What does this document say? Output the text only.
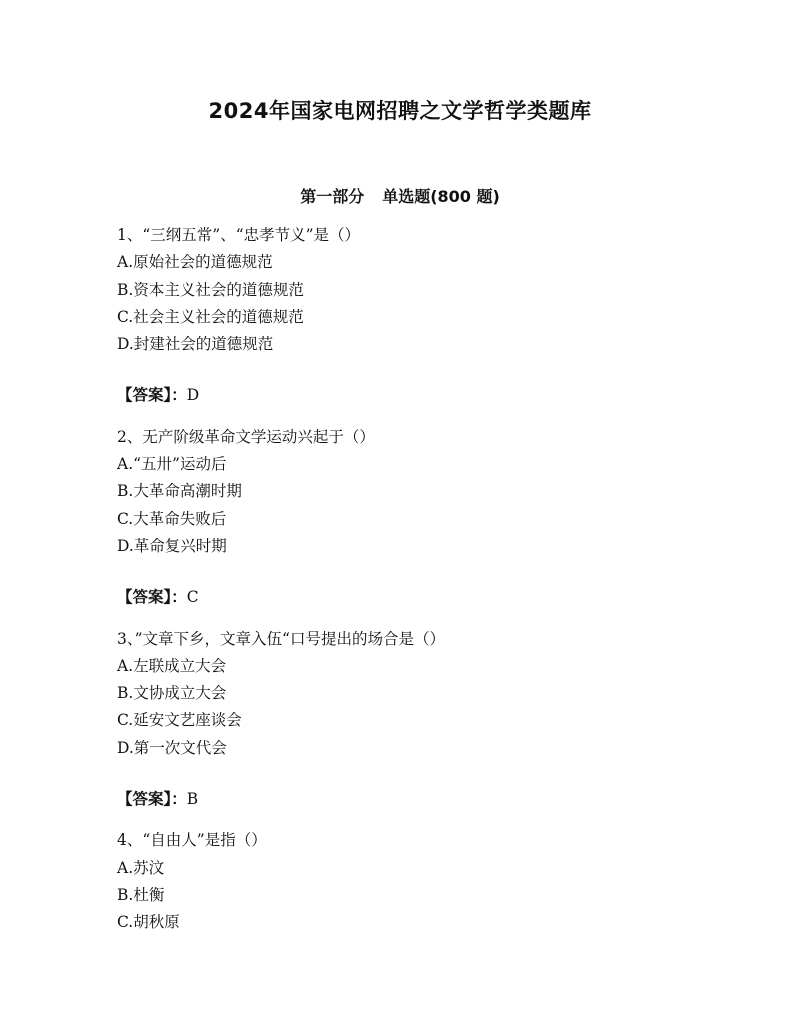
2024年国家电网招聘之文学哲学类题库
第一部分 单选题(800 题)
1、“三纲五常”、“忠孝节义”是（）
A.原始社会的道德规范
B.资本主义社会的道德规范
C.社会主义社会的道德规范
D.封建社会的道德规范
【答案】：D
2、无产阶级革命文学运动兴起于（）
A.“五卅”运动后
B.大革命高潮时期
C.大革命失败后
D.革命复兴时期
【答案】：C
3、”文章下乡，文章入伍“口号提出的场合是（）
A.左联成立大会
B.文协成立大会
C.延安文艺座谈会
D.第一次文代会
【答案】：B
4、“自由人”是指（）
A.苏汶
B.杜衡
C.胡秋原
